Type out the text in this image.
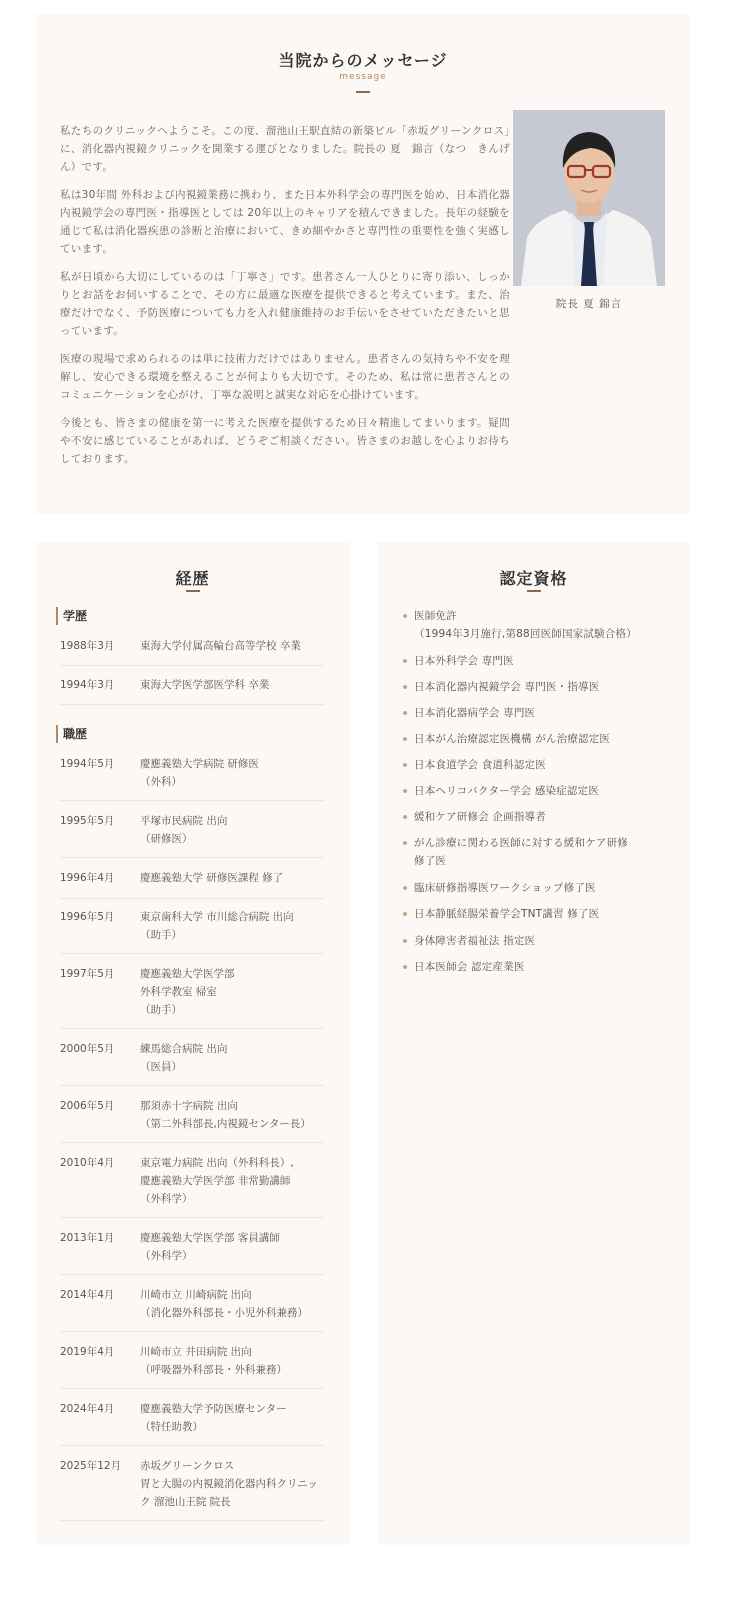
当院からのメッセージ
message

私たちのクリニックへようこそ。この度、溜池山王駅直結の新築ビル「赤坂グリーンクロス」に、消化器内視鏡クリニックを開業する運びとなりました。院長の 夏　錦言（なつ　きんげん）です。

私は30年間 外科および内視鏡業務に携わり、また日本外科学会の専門医を始め、日本消化器内視鏡学会の専門医・指導医としては 20年以上のキャリアを積んできました。長年の経験を通じて私は消化器疾患の診断と治療において、きめ細やかさと専門性の重要性を強く実感しています。

私が日頃から大切にしているのは「丁寧さ」です。患者さん一人ひとりに寄り添い、しっかりとお話をお伺いすることで、その方に最適な医療を提供できると考えています。また、治療だけでなく、予防医療についても力を入れ健康維持のお手伝いをさせていただきたいと思っています。

医療の現場で求められるのは単に技術力だけではありません。患者さんの気持ちや不安を理解し、安心できる環境を整えることが何よりも大切です。そのため、私は常に患者さんとのコミュニケーションを心がけ、丁寧な説明と誠実な対応を心掛けています。

今後とも、皆さまの健康を第一に考えた医療を提供するため日々精進してまいります。疑問や不安に感じていることがあれば、どうぞご相談ください。皆さまのお越しを心よりお待ちしております。

院長 夏 錦言
経歴
学歴
1988年3月	東海大学付属高輪台高等学校 卒業
1994年3月	東海大学医学部医学科 卒業
職歴
1994年5月	慶應義塾大学病院 研修医
（外科）
1995年5月	平塚市民病院 出向
（研修医）
1996年4月	慶應義塾大学 研修医課程 修了
1996年5月	東京歯科大学 市川総合病院 出向
（助手）
1997年5月	慶應義塾大学医学部
外科学教室 帰室
（助手）
2000年5月	練馬総合病院 出向
（医員）
2006年5月	那須赤十字病院 出向
（第二外科部長,内視鏡センター長）
2010年4月	東京電力病院 出向（外科科長）,
慶應義塾大学医学部 非常勤講師
（外科学）
2013年1月	慶應義塾大学医学部 客員講師
（外科学）
2014年4月	川崎市立 川崎病院 出向
（消化器外科部長・小児外科兼務）
2019年4月	川崎市立 井田病院 出向
（呼吸器外科部長・外科兼務）
2024年4月	慶應義塾大学予防医療センター
（特任助教）
2025年12月	赤坂グリーンクロス
胃と大腸の内視鏡消化器内科クリニック 溜池山王院 院長
認定資格
医師免許
（1994年3月施行,第88回医師国家試験合格）
日本外科学会 専門医
日本消化器内視鏡学会 専門医・指導医
日本消化器病学会 専門医
日本がん治療認定医機構 がん治療認定医
日本食道学会 食道科認定医
日本ヘリコバクター学会 感染症認定医
緩和ケア研修会 企画指導者
がん診療に関わる医師に対する緩和ケア研修
修了医
臨床研修指導医ワークショップ修了医
日本静脈経腸栄養学会TNT講習 修了医
身体障害者福祉法 指定医
日本医師会 認定産業医
